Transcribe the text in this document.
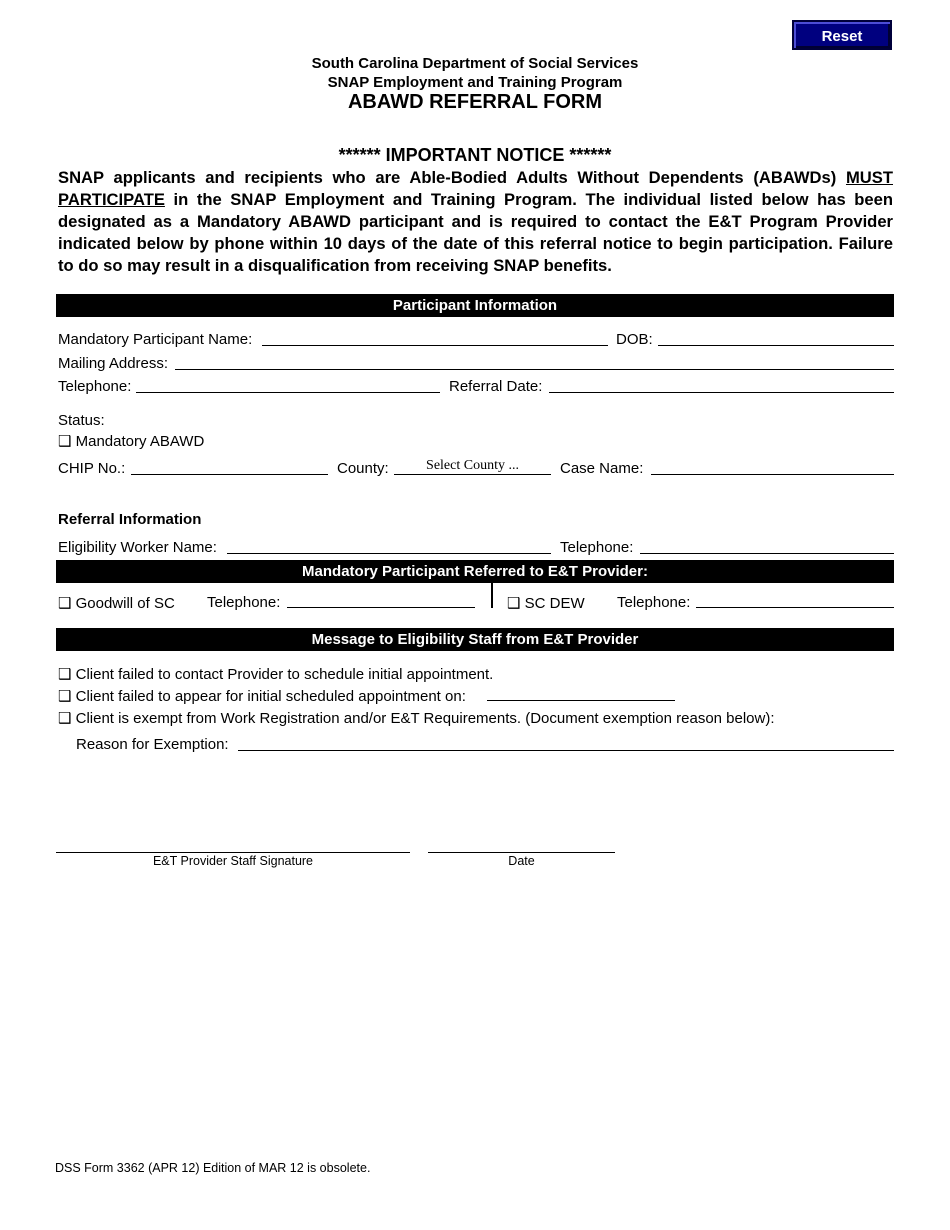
Reset
South Carolina Department of Social Services
SNAP Employment and Training Program
ABAWD REFERRAL FORM
****** IMPORTANT NOTICE ******
SNAP applicants and recipients who are Able-Bodied Adults Without Dependents (ABAWDs) MUST PARTICIPATE in the SNAP Employment and Training Program. The individual listed below has been designated as a Mandatory ABAWD participant and is required to contact the E&T Program Provider indicated below by phone within 10 days of the date of this referral notice to begin participation. Failure to do so may result in a disqualification from receiving SNAP benefits.
Participant Information
Mandatory Participant Name:	DOB:
Mailing Address:
Telephone:	Referral Date:
Status:
❑ Mandatory ABAWD
CHIP No.:	County:	Select County ...	Case Name:
Referral Information
Eligibility Worker Name:	Telephone:
Mandatory Participant Referred to E&T Provider:
❑ Goodwill of SC Telephone:	❑ SC DEW Telephone:
Message to Eligibility Staff from E&T Provider
❑ Client failed to contact Provider to schedule initial appointment.
❑ Client failed to appear for initial scheduled appointment on:
❑ Client is exempt from Work Registration and/or E&T Requirements. (Document exemption reason below):
Reason for Exemption:
E&T Provider Staff Signature	Date
DSS Form 3362 (APR 12) Edition of MAR 12 is obsolete.
